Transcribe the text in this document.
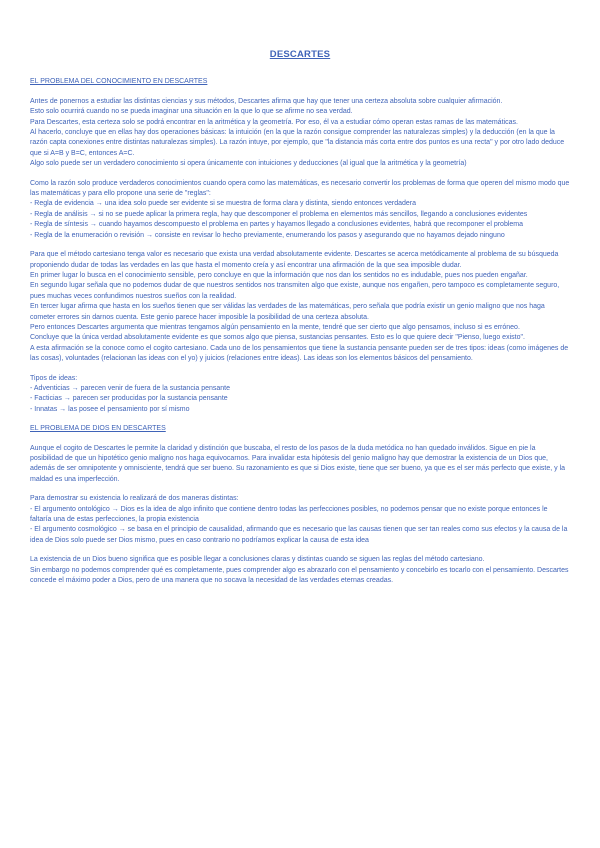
DESCARTES
EL PROBLEMA DEL CONOCIMIENTO EN DESCARTES

Antes de ponernos a estudiar las distintas ciencias y sus métodos, Descartes afirma que hay que tener una certeza absoluta sobre cualquier afirmación.

Esto solo ocurrirá cuando no se pueda imaginar una situación en la que lo que se afirme no sea verdad.

Para Descartes, esta certeza solo se podrá encontrar en la aritmética y la geometría. Por eso, él va a estudiar cómo operan estas ramas de las matemáticas.

Al hacerlo, concluye que en ellas hay dos operaciones básicas: la intuición (en la que la razón consigue comprender las naturalezas simples) y la deducción (en la que la razón capta conexiones entre distintas naturalezas simples). La razón intuye, por ejemplo, que "la distancia más corta entre dos puntos es una recta" y por otro lado deduce que si A=B y B=C, entonces A=C.

Algo solo puede ser un verdadero conocimiento si opera únicamente con intuiciones y deducciones (al igual que la aritmética y la geometría)

Como la razón solo produce verdaderos conocimientos cuando opera como las matemáticas, es necesario convertir los problemas de forma que operen del mismo modo que las matemáticas y para ello propone una serie de "reglas":

- Regla de evidencia → una idea solo puede ser evidente si se muestra de forma clara y distinta, siendo entonces verdadera

- Regla de análisis → si no se puede aplicar la primera regla, hay que descomponer el problema en elementos más sencillos, llegando a conclusiones evidentes

- Regla de síntesis → cuando hayamos descompuesto el problema en partes y hayamos llegado a conclusiones evidentes, habrá que recomponer el problema

- Regla de la enumeración o revisión → consiste en revisar lo hecho previamente, enumerando los pasos y asegurando que no hayamos dejado ninguno

Para que el método cartesiano tenga valor es necesario que exista una verdad absolutamente evidente. Descartes se acerca metódicamente al problema de su búsqueda proponiendo dudar de todas las verdades en las que hasta el momento creía y así encontrar una afirmación de la que sea imposible dudar.

En primer lugar lo busca en el conocimiento sensible, pero concluye en que la información que nos dan los sentidos no es indudable, pues nos pueden engañar.

En segundo lugar señala que no podemos dudar de que nuestros sentidos nos transmiten algo que existe, aunque nos engañen, pero tampoco es completamente seguro, pues muchas veces confundimos nuestros sueños con la realidad.

En tercer lugar afirma que hasta en los sueños tienen que ser válidas las verdades de las matemáticas, pero señala que podría existir un genio maligno que nos haga cometer errores sin darnos cuenta. Este genio parece hacer imposible la posibilidad de una certeza absoluta.

Pero entonces Descartes argumenta que mientras tengamos algún pensamiento en la mente, tendré que ser cierto que algo pensamos, incluso si es erróneo.

Concluye que la única verdad absolutamente evidente es que somos algo que piensa, sustancias pensantes. Esto es lo que quiere decir "Pienso, luego existo".

A esta afirmación se la conoce como el cogito cartesiano. Cada uno de los pensamientos que tiene la sustancia pensante pueden ser de tres tipos: ideas (como imágenes de las cosas), voluntades (relacionan las ideas con el yo) y juicios (relaciones entre ideas). Las ideas son los elementos básicos del pensamiento.

Tipos de ideas:

- Adventicias → parecen venir de fuera de la sustancia pensante

- Facticias → parecen ser producidas por la sustancia pensante

- Innatas → las posee el pensamiento por sí mismo

EL PROBLEMA DE DIOS EN DESCARTES

Aunque el cogito de Descartes le permite la claridad y distinción que buscaba, el resto de los pasos de la duda metódica no han quedado inválidos. Sigue en pie la posibilidad de que un hipotético genio maligno nos haga equivocarnos. Para invalidar esta hipótesis del genio maligno hay que demostrar la existencia de un Dios que, además de ser omnipotente y omnisciente, tendrá que ser bueno. Su razonamiento es que si Dios existe, tiene que ser bueno, ya que es el ser más perfecto que existe, y la maldad es una imperfección.

Para demostrar su existencia lo realizará de dos maneras distintas:

- El argumento ontológico → Dios es la idea de algo infinito que contiene dentro todas las perfecciones posibles, no podemos pensar que no existe porque entonces le faltaría una de estas perfecciones, la propia existencia

- El argumento cosmológico → se basa en el principio de causalidad, afirmando que es necesario que las causas tienen que ser tan reales como sus efectos y la causa de la idea de Dios solo puede ser Dios mismo, pues en caso contrario no podríamos explicar la causa de esta idea

La existencia de un Dios bueno significa que es posible llegar a conclusiones claras y distintas cuando se siguen las reglas del método cartesiano.

Sin embargo no podemos comprender qué es completamente, pues comprender algo es abrazarlo con el pensamiento y concebirlo es tocarlo con el pensamiento. Descartes concede el máximo poder a Dios, pero de una manera que no socava la necesidad de las verdades eternas creadas.
